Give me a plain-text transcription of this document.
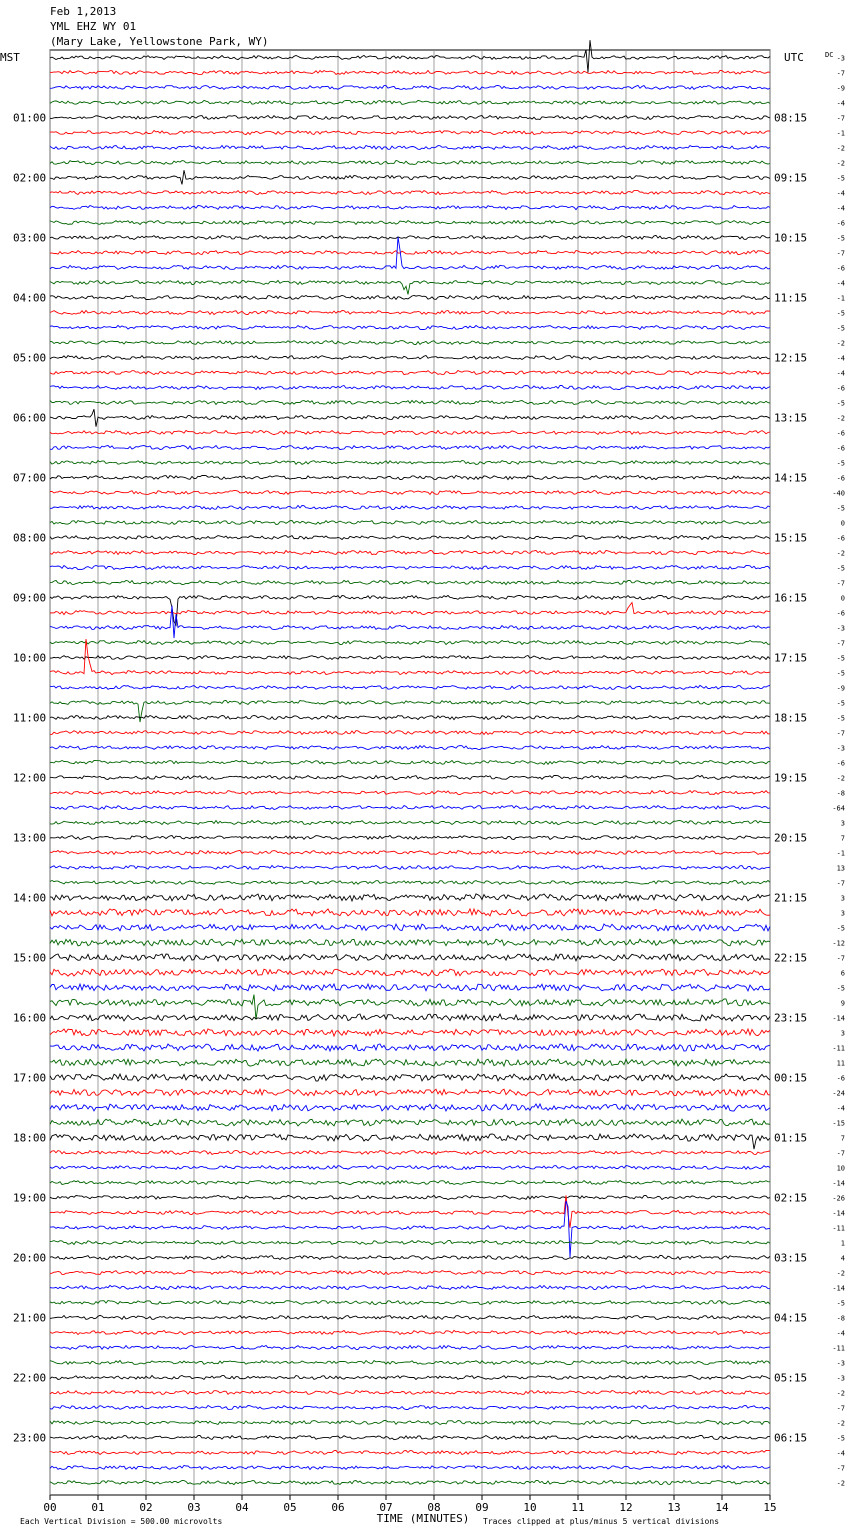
Feb 1,2013
YML EHZ WY 01
(Mary Lake, Yellowstone Park, WY)
00	01	02	03	04	05	06	07	08	09	10	11	12	13	14	15
TIME (MINUTES)
-3
-7
-9
-4
-7
-1
-2
-2
-5
-4
-4
-6
-5
-7
-6
-4
-1
-5
-5
-2
-4
-4
-6
-5
-2
-6
-6
-5
-6
-40
-5
0
-6
-2
-5
-7
0
-6
-3
-7
-5
-5
-9
-5
-5
-7
-3
-6
-2
-8
-64
3
7
-1
13
-7
3
3
-5
-12
-7
6
-5
9
-14
3
-11
11
-6
-24
-4
-15
7
-7
10
-14
-26
-14
-11
1
4
-2
-14
-5
-8
-4
-11
-3
-3
-2
-7
-2
-5
-4
-7
-2
MST	UTC	DC
01:00
02:00
03:00
04:00
05:00
06:00
07:00
08:00
09:00
10:00
11:00
12:00
13:00
14:00
15:00
16:00
17:00
18:00
19:00
20:00
21:00
22:00
23:00
08:15
09:15
10:15
11:15
12:15
13:15
14:15
15:15
16:15
17:15
18:15
19:15
20:15
21:15
22:15
23:15
00:15
01:15
02:15
03:15
04:15
05:15
06:15
Each Vertical Division = 500.00 microvolts	Traces clipped at plus/minus 5 vertical divisions
